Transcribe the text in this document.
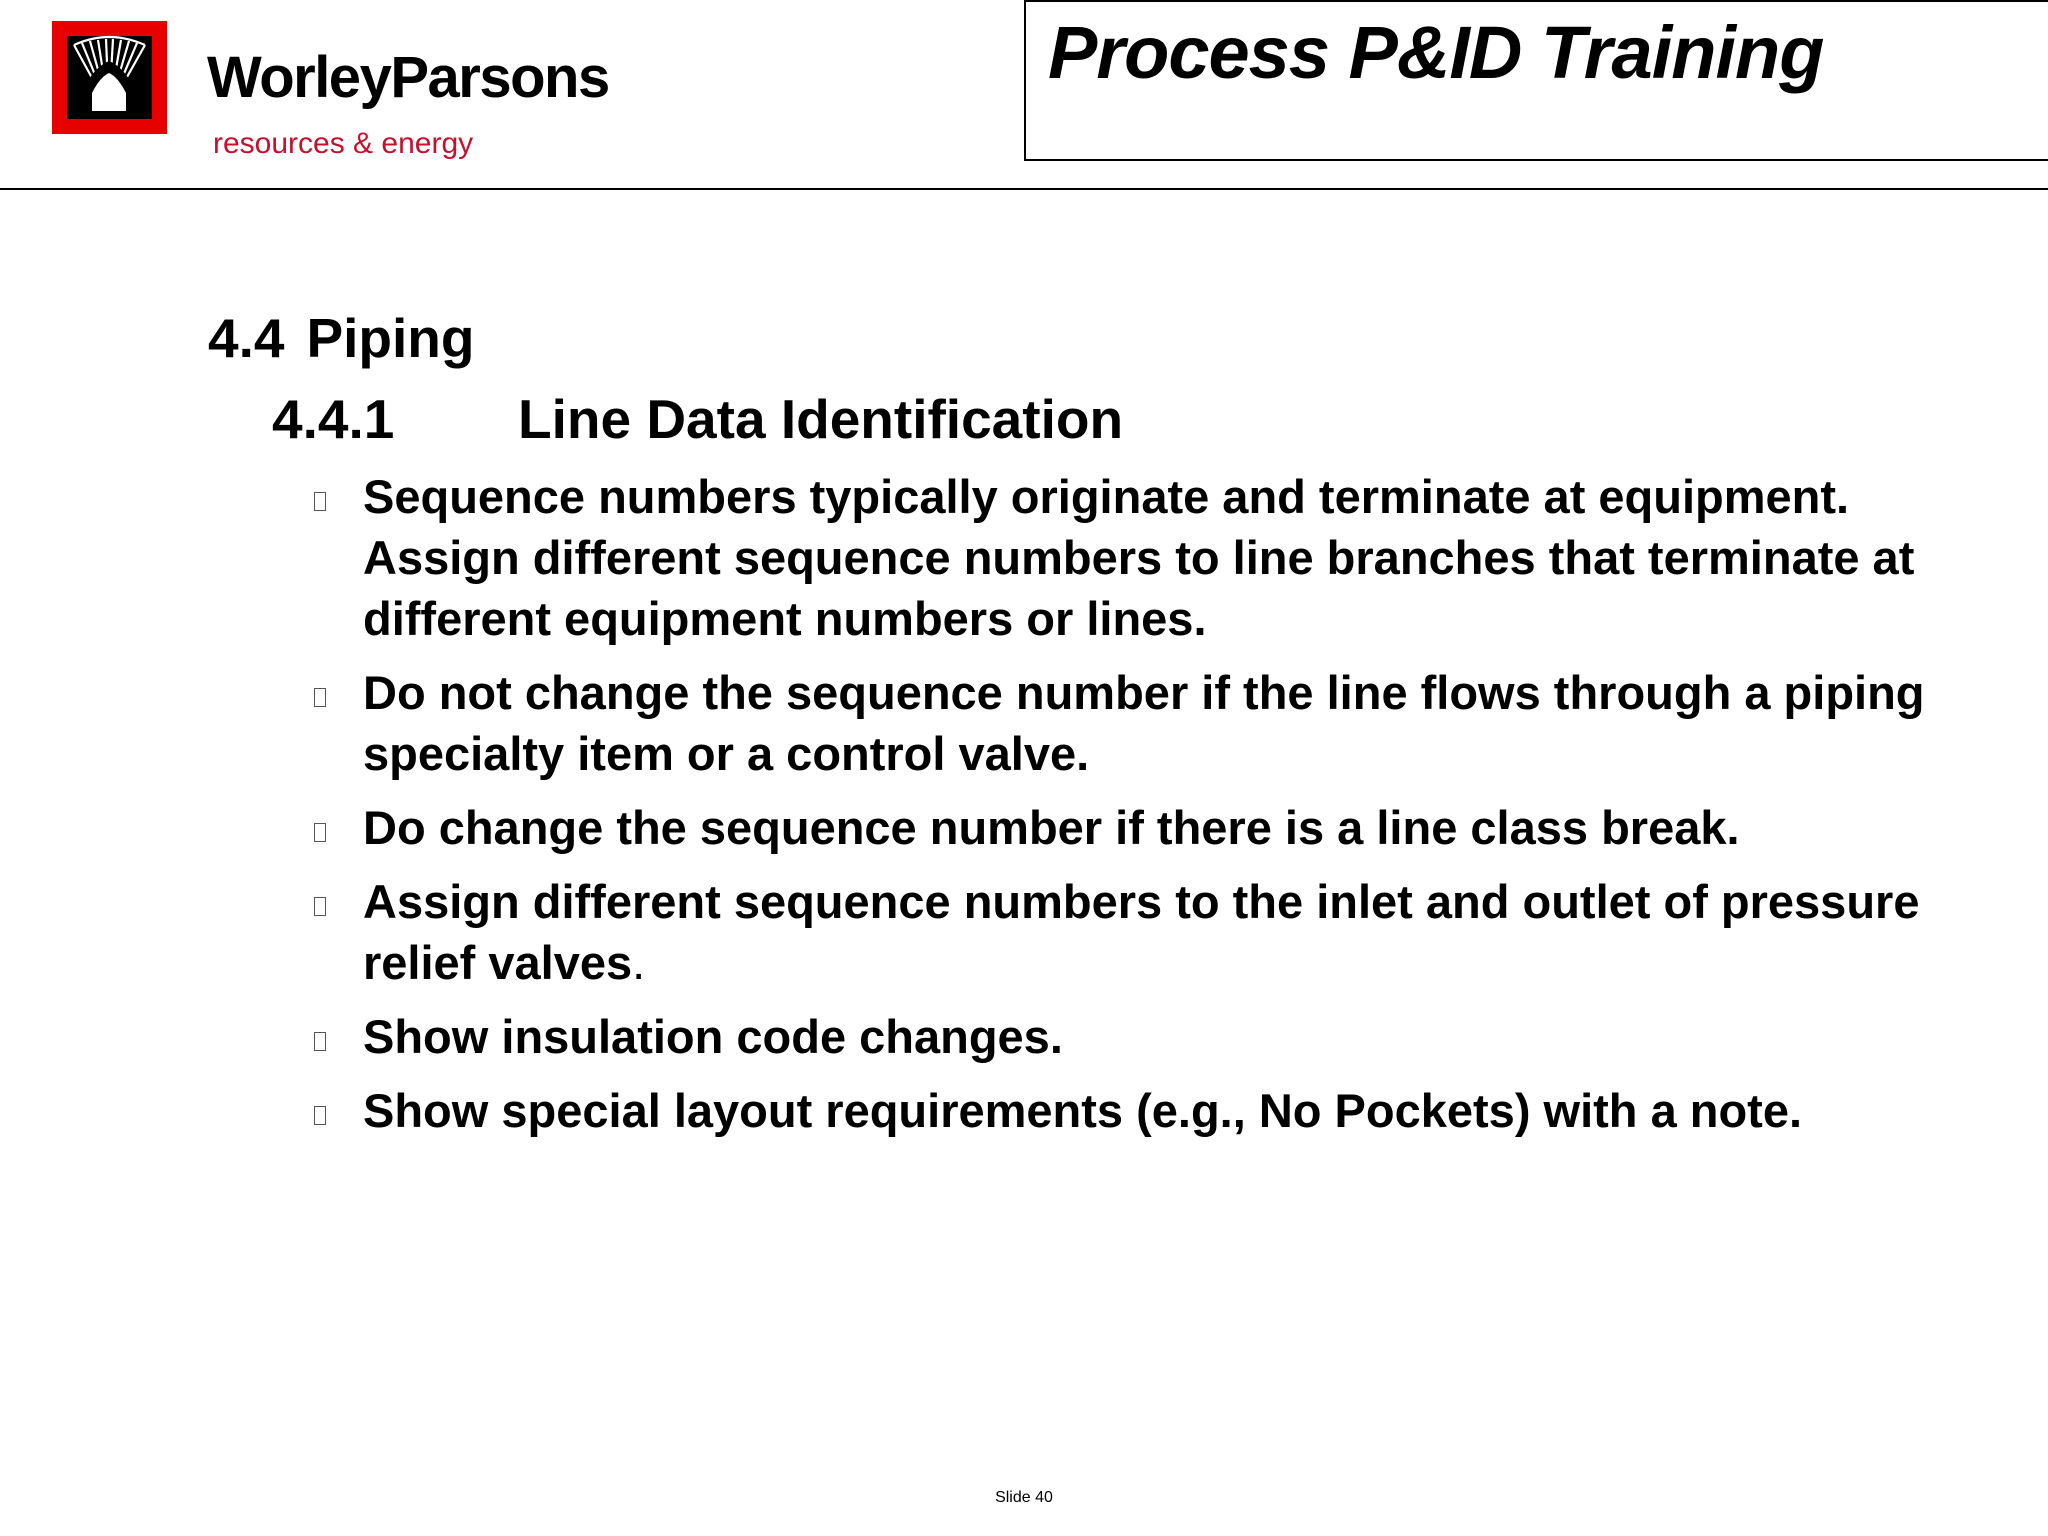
WorleyParsons
resources & energy
Process P&ID Training
4.4 Piping
4.4.1 Line Data Identification
Sequence numbers typically originate and terminate at equipment. Assign different sequence numbers to line branches that terminate at different equipment numbers or lines.
Do not change the sequence number if the line flows through a piping specialty item or a control valve.
Do change the sequence number if there is a line class break.
Assign different sequence numbers to the inlet and outlet of pressure relief valves.
Show insulation code changes.
Show special layout requirements (e.g., No Pockets) with a note.
Slide 40
